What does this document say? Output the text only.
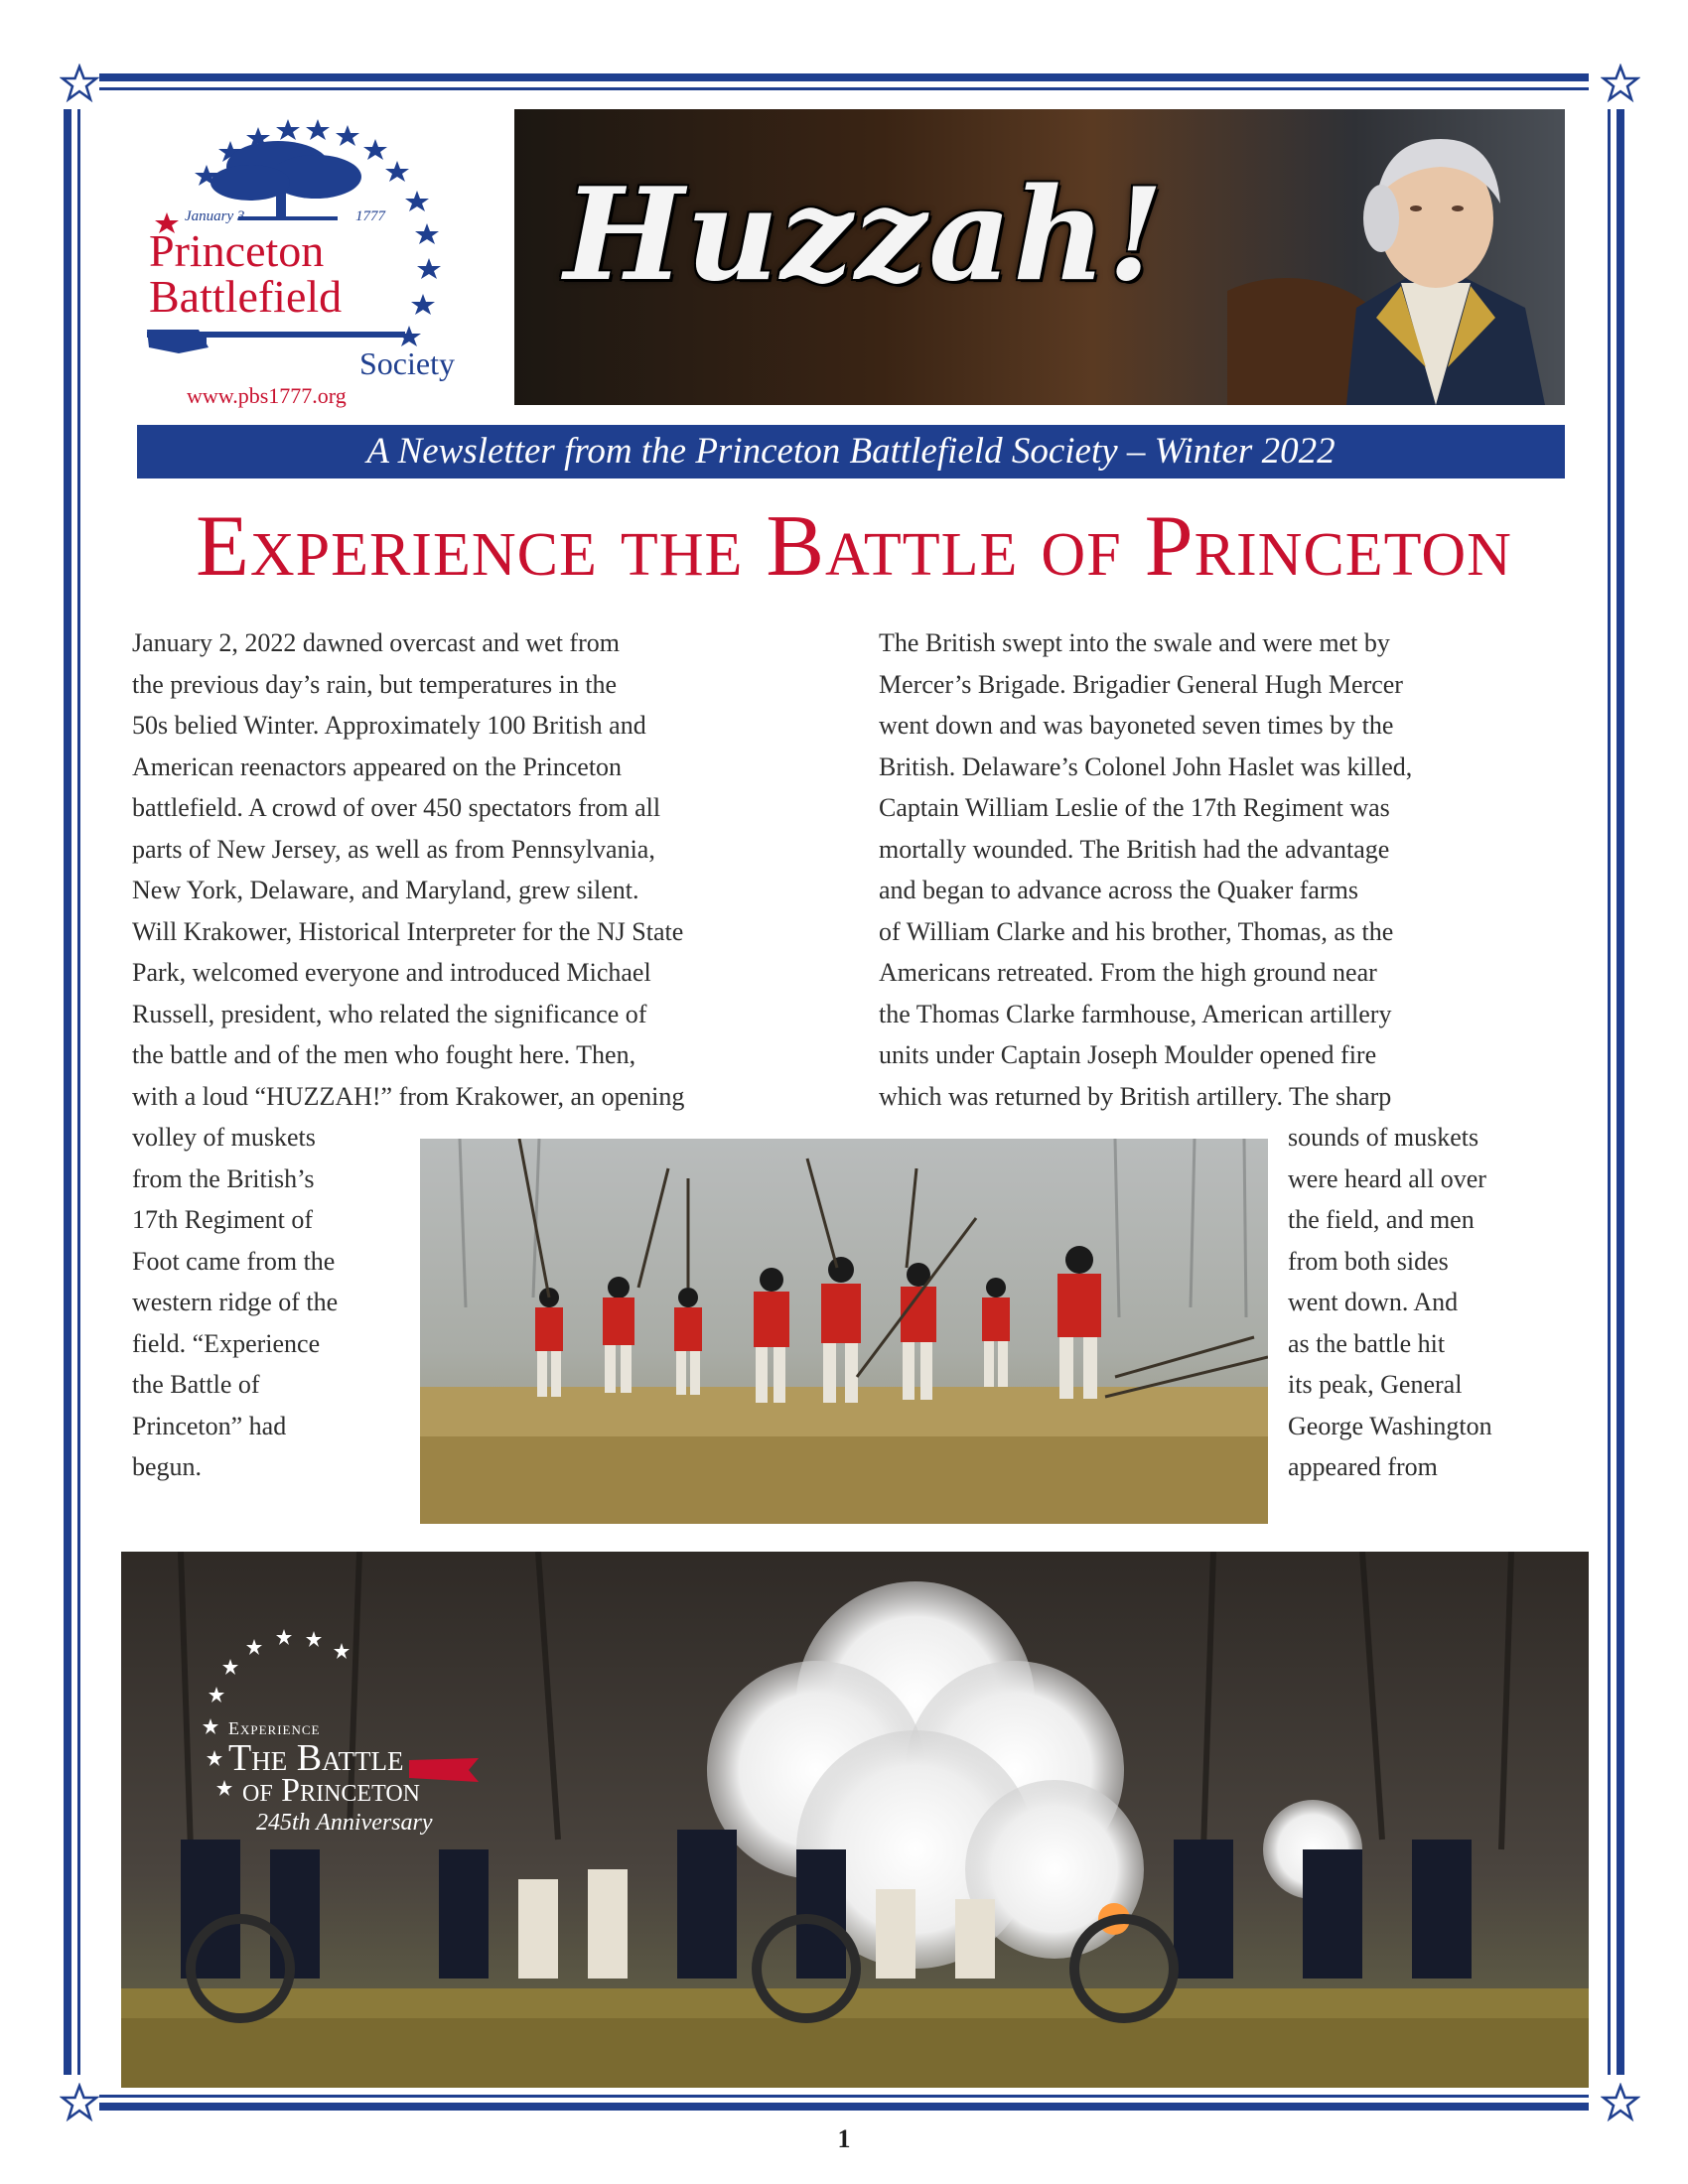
January 3	1777
Princeton
Battlefield
Society
www.pbs1777.org
Huzzah!
A Newsletter from the Princeton Battlefield Society – Winter 2022
Experience the Battle of Princeton
January 2, 2022 dawned overcast and wet from
the previous day’s rain, but temperatures in the
50s belied Winter. Approximately 100 British and
American reenactors appeared on the Princeton
battlefield. A crowd of over 450 spectators from all
parts of New Jersey, as well as from Pennsylvania,
New York, Delaware, and Maryland, grew silent.
Will Krakower, Historical Interpreter for the NJ State
Park, welcomed everyone and introduced Michael
Russell, president, who related the significance of
the battle and of the men who fought here. Then,
with a loud “HUZZAH!” from Krakower, an opening
volley of muskets
from the British’s
17th Regiment of
Foot came from the
western ridge of the
field. “Experience
the Battle of
Princeton” had
begun.
The British swept into the swale and were met by
Mercer’s Brigade. Brigadier General Hugh Mercer
went down and was bayoneted seven times by the
British. Delaware’s Colonel John Haslet was killed,
Captain William Leslie of the 17th Regiment was
mortally wounded. The British had the advantage
and began to advance across the Quaker farms
of William Clarke and his brother, Thomas, as the
Americans retreated. From the high ground near
the Thomas Clarke farmhouse, American artillery
units under Captain Joseph Moulder opened fire
which was returned by British artillery. The sharp
sounds of muskets
were heard all over
the field, and men
from both sides
went down. And
as the battle hit
its peak, General
George Washington
appeared from
Experience
The Battle
of Princeton
245th Anniversary
1
